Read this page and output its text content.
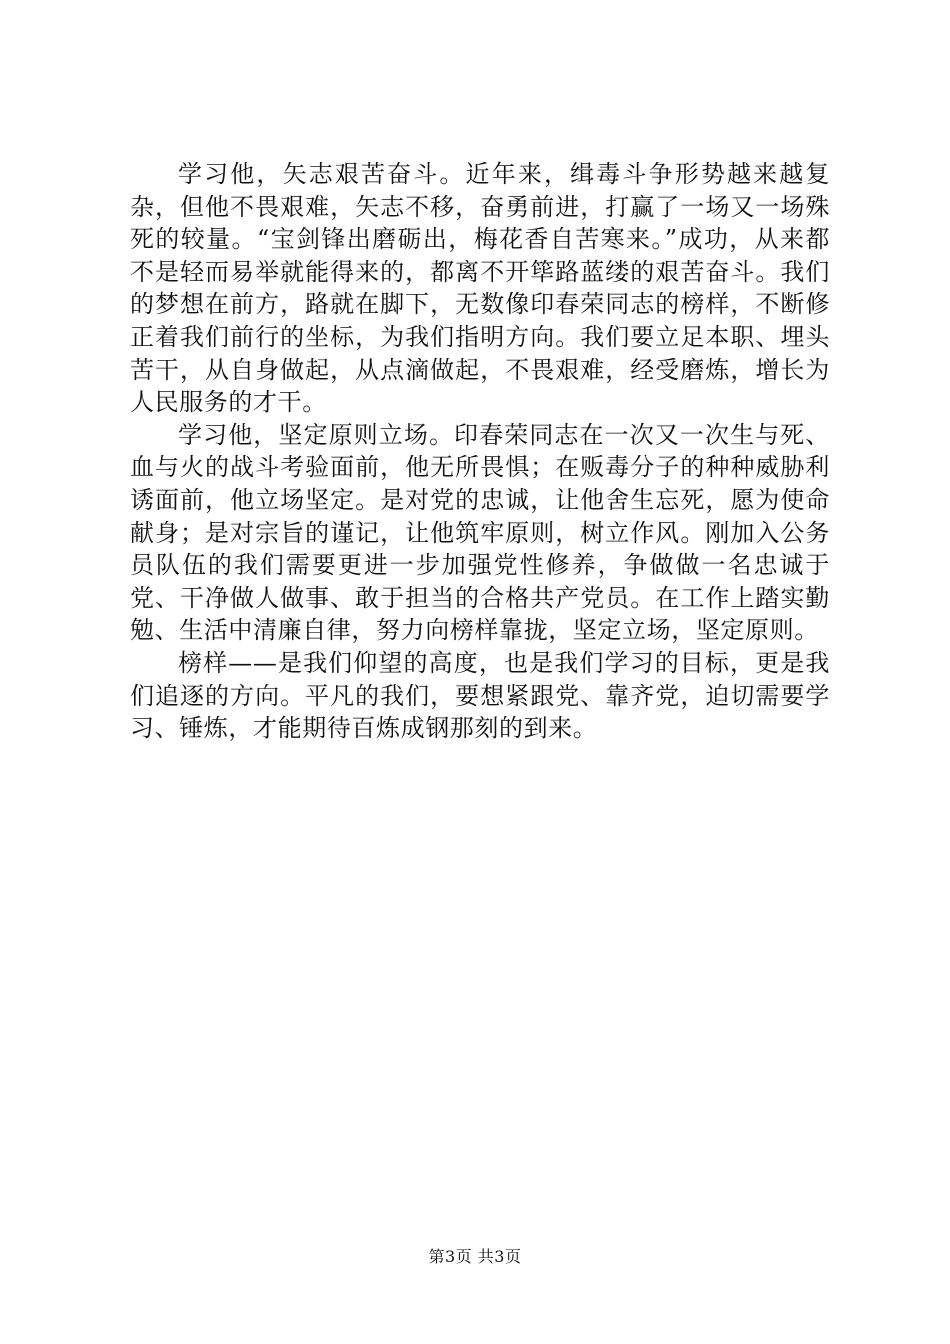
学习他，矢志艰苦奋斗。近年来，缉毒斗争形势越来越复杂，但他不畏艰难，矢志不移，奋勇前进，打赢了一场又一场殊死的较量。“宝剑锋出磨砺出，梅花香自苦寒来。”成功，从来都不是轻而易举就能得来的，都离不开筚路蓝缕的艰苦奋斗。我们的梦想在前方，路就在脚下，无数像印春荣同志的榜样，不断修正着我们前行的坐标，为我们指明方向。我们要立足本职、埋头苦干，从自身做起，从点滴做起，不畏艰难，经受磨炼，增长为人民服务的才干。

学习他，坚定原则立场。印春荣同志在一次又一次生与死、血与火的战斗考验面前，他无所畏惧；在贩毒分子的种种威胁利诱面前，他立场坚定。是对党的忠诚，让他舍生忘死，愿为使命献身；是对宗旨的谨记，让他筑牢原则，树立作风。刚加入公务员队伍的我们需要更进一步加强党性修养，争做做一名忠诚于党、干净做人做事、敢于担当的合格共产党员。在工作上踏实勤勉、生活中清廉自律，努力向榜样靠拢，坚定立场，坚定原则。

榜样——是我们仰望的高度，也是我们学习的目标，更是我们追逐的方向。平凡的我们，要想紧跟党、靠齐党，迫切需要学习、锤炼，才能期待百炼成钢那刻的到来。

第3页 共3页
